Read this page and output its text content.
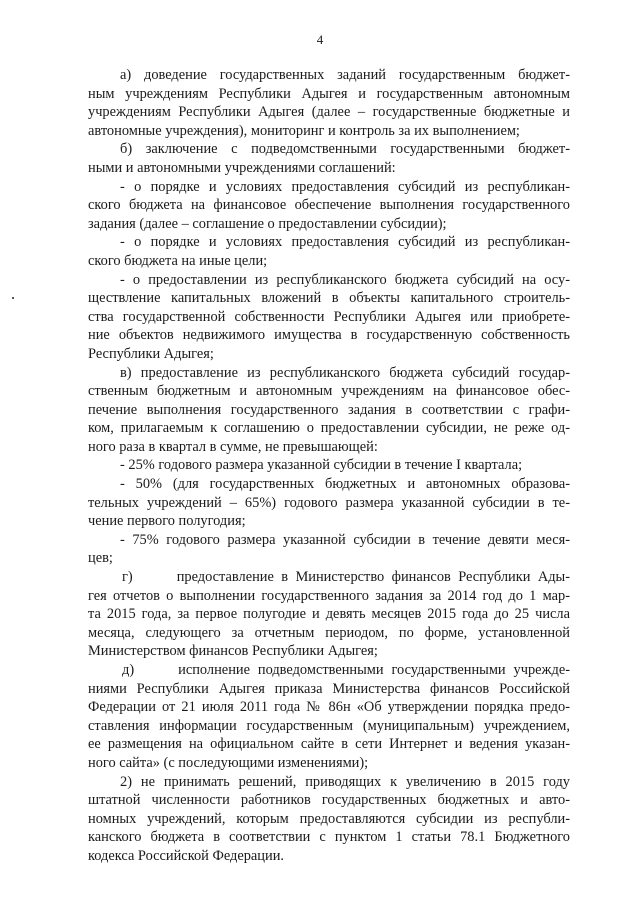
4
а) доведение государственных заданий государственным бюджет-
ным учреждениям Республики Адыгея и государственным автономным
учреждениям Республики Адыгея (далее – государственные бюджетные и
автономные учреждения), мониторинг и контроль за их выполнением;
б) заключение с подведомственными государственными бюджет-
ными и автономными учреждениями соглашений:
- о порядке и условиях предоставления субсидий из республикан-
ского бюджета на финансовое обеспечение выполнения государственного
задания (далее – соглашение о предоставлении субсидии);
- о порядке и условиях предоставления субсидий из республикан-
ского бюджета на иные цели;
- о предоставлении из республиканского бюджета субсидий на осу-
ществление капитальных вложений в объекты капитального строитель-
ства государственной собственности Республики Адыгея или приобрете-
ние объектов недвижимого имущества в государственную собственность
Республики Адыгея;
в) предоставление из республиканского бюджета субсидий государ-
ственным бюджетным и автономным учреждениям на финансовое обес-
печение выполнения государственного задания в соответствии с графи-
ком, прилагаемым к соглашению о предоставлении субсидии, не реже од-
ного раза в квартал в сумме, не превышающей:
- 25% годового размера указанной субсидии в течение I квартала;
- 50% (для государственных бюджетных и автономных образова-
тельных учреждений – 65%) годового размера указанной субсидии в те-
чение первого полугодия;
- 75% годового размера указанной субсидии в течение девяти меся-
цев;
г)	предоставление в Министерство финансов Республики Ады-
гея отчетов о выполнении государственного задания за 2014 год до 1 мар-
та 2015 года, за первое полугодие и девять месяцев 2015 года до 25 числа
месяца, следующего за отчетным периодом, по форме, установленной
Министерством финансов Республики Адыгея;
д)	исполнение подведомственными государственными учрежде-
ниями Республики Адыгея приказа Министерства финансов Российской
Федерации от 21 июля 2011 года № 86н «Об утверждении порядка предо-
ставления информации государственным (муниципальным) учреждением,
ее размещения на официальном сайте в сети Интернет и ведения указан-
ного сайта» (с последующими изменениями);
2) не принимать решений, приводящих к увеличению в 2015 году
штатной численности работников государственных бюджетных и авто-
номных учреждений, которым предоставляются субсидии из республи-
канского бюджета в соответствии с пунктом 1 статьи 78.1 Бюджетного
кодекса Российской Федерации.
